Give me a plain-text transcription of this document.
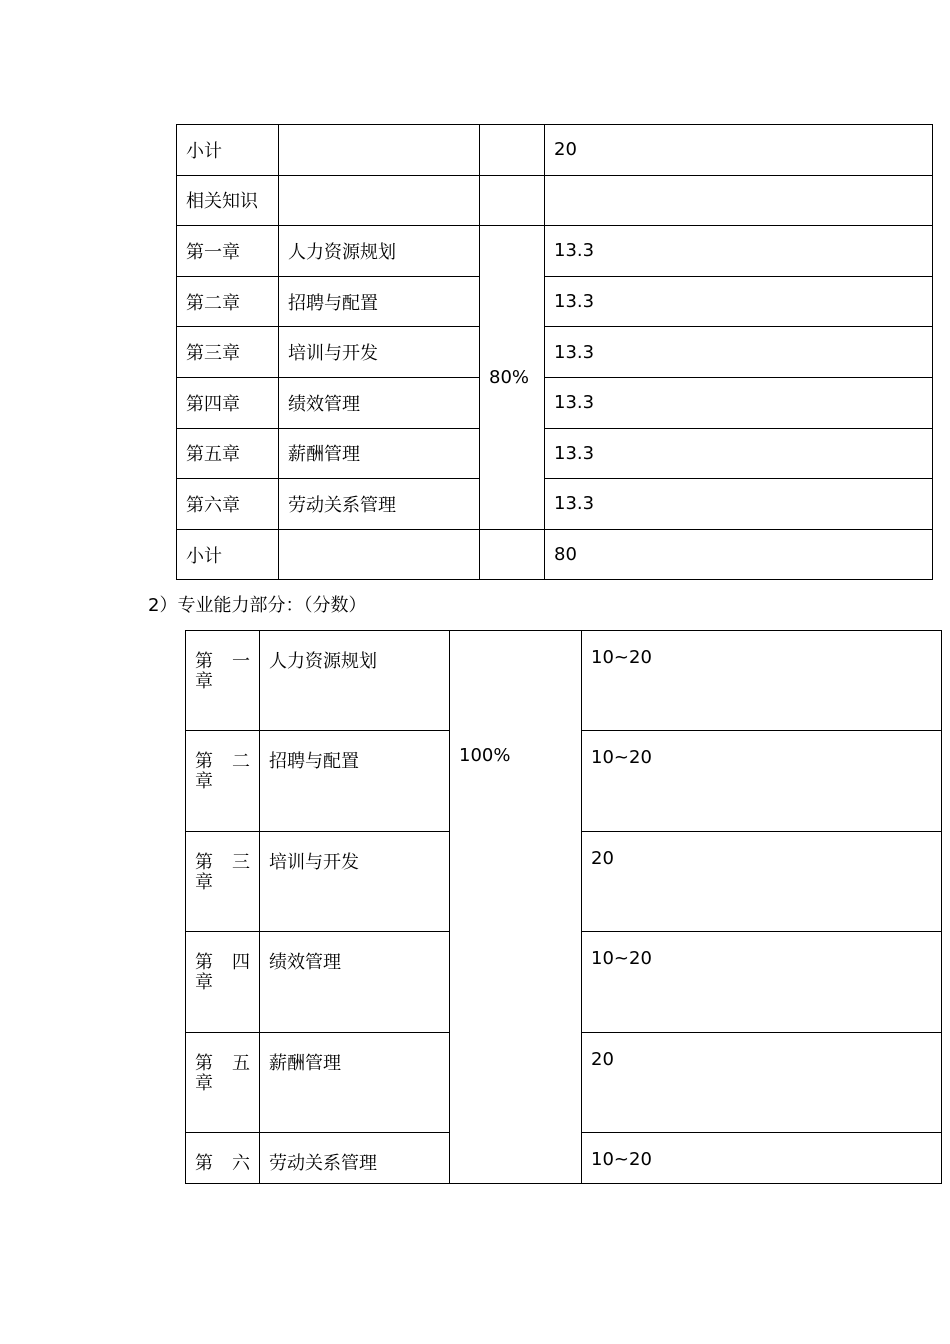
小计			20
相关知识			
第一章	人力资源规划	80%	13.3
第二章	招聘与配置		13.3
第三章	培训与开发		13.3
第四章	绩效管理		13.3
第五章	薪酬管理		13.3
第六章	劳动关系管理		13.3
小计			80
2）专业能力部分：（分数）
第 一
章	人力资源规划	100%	10~20

第 二
章	招聘与配置		10~20

第 三
章	培训与开发		20

第 四
章	绩效管理		10~20

第 五
章	薪酬管理		20

第 六	劳动关系管理		10~20
